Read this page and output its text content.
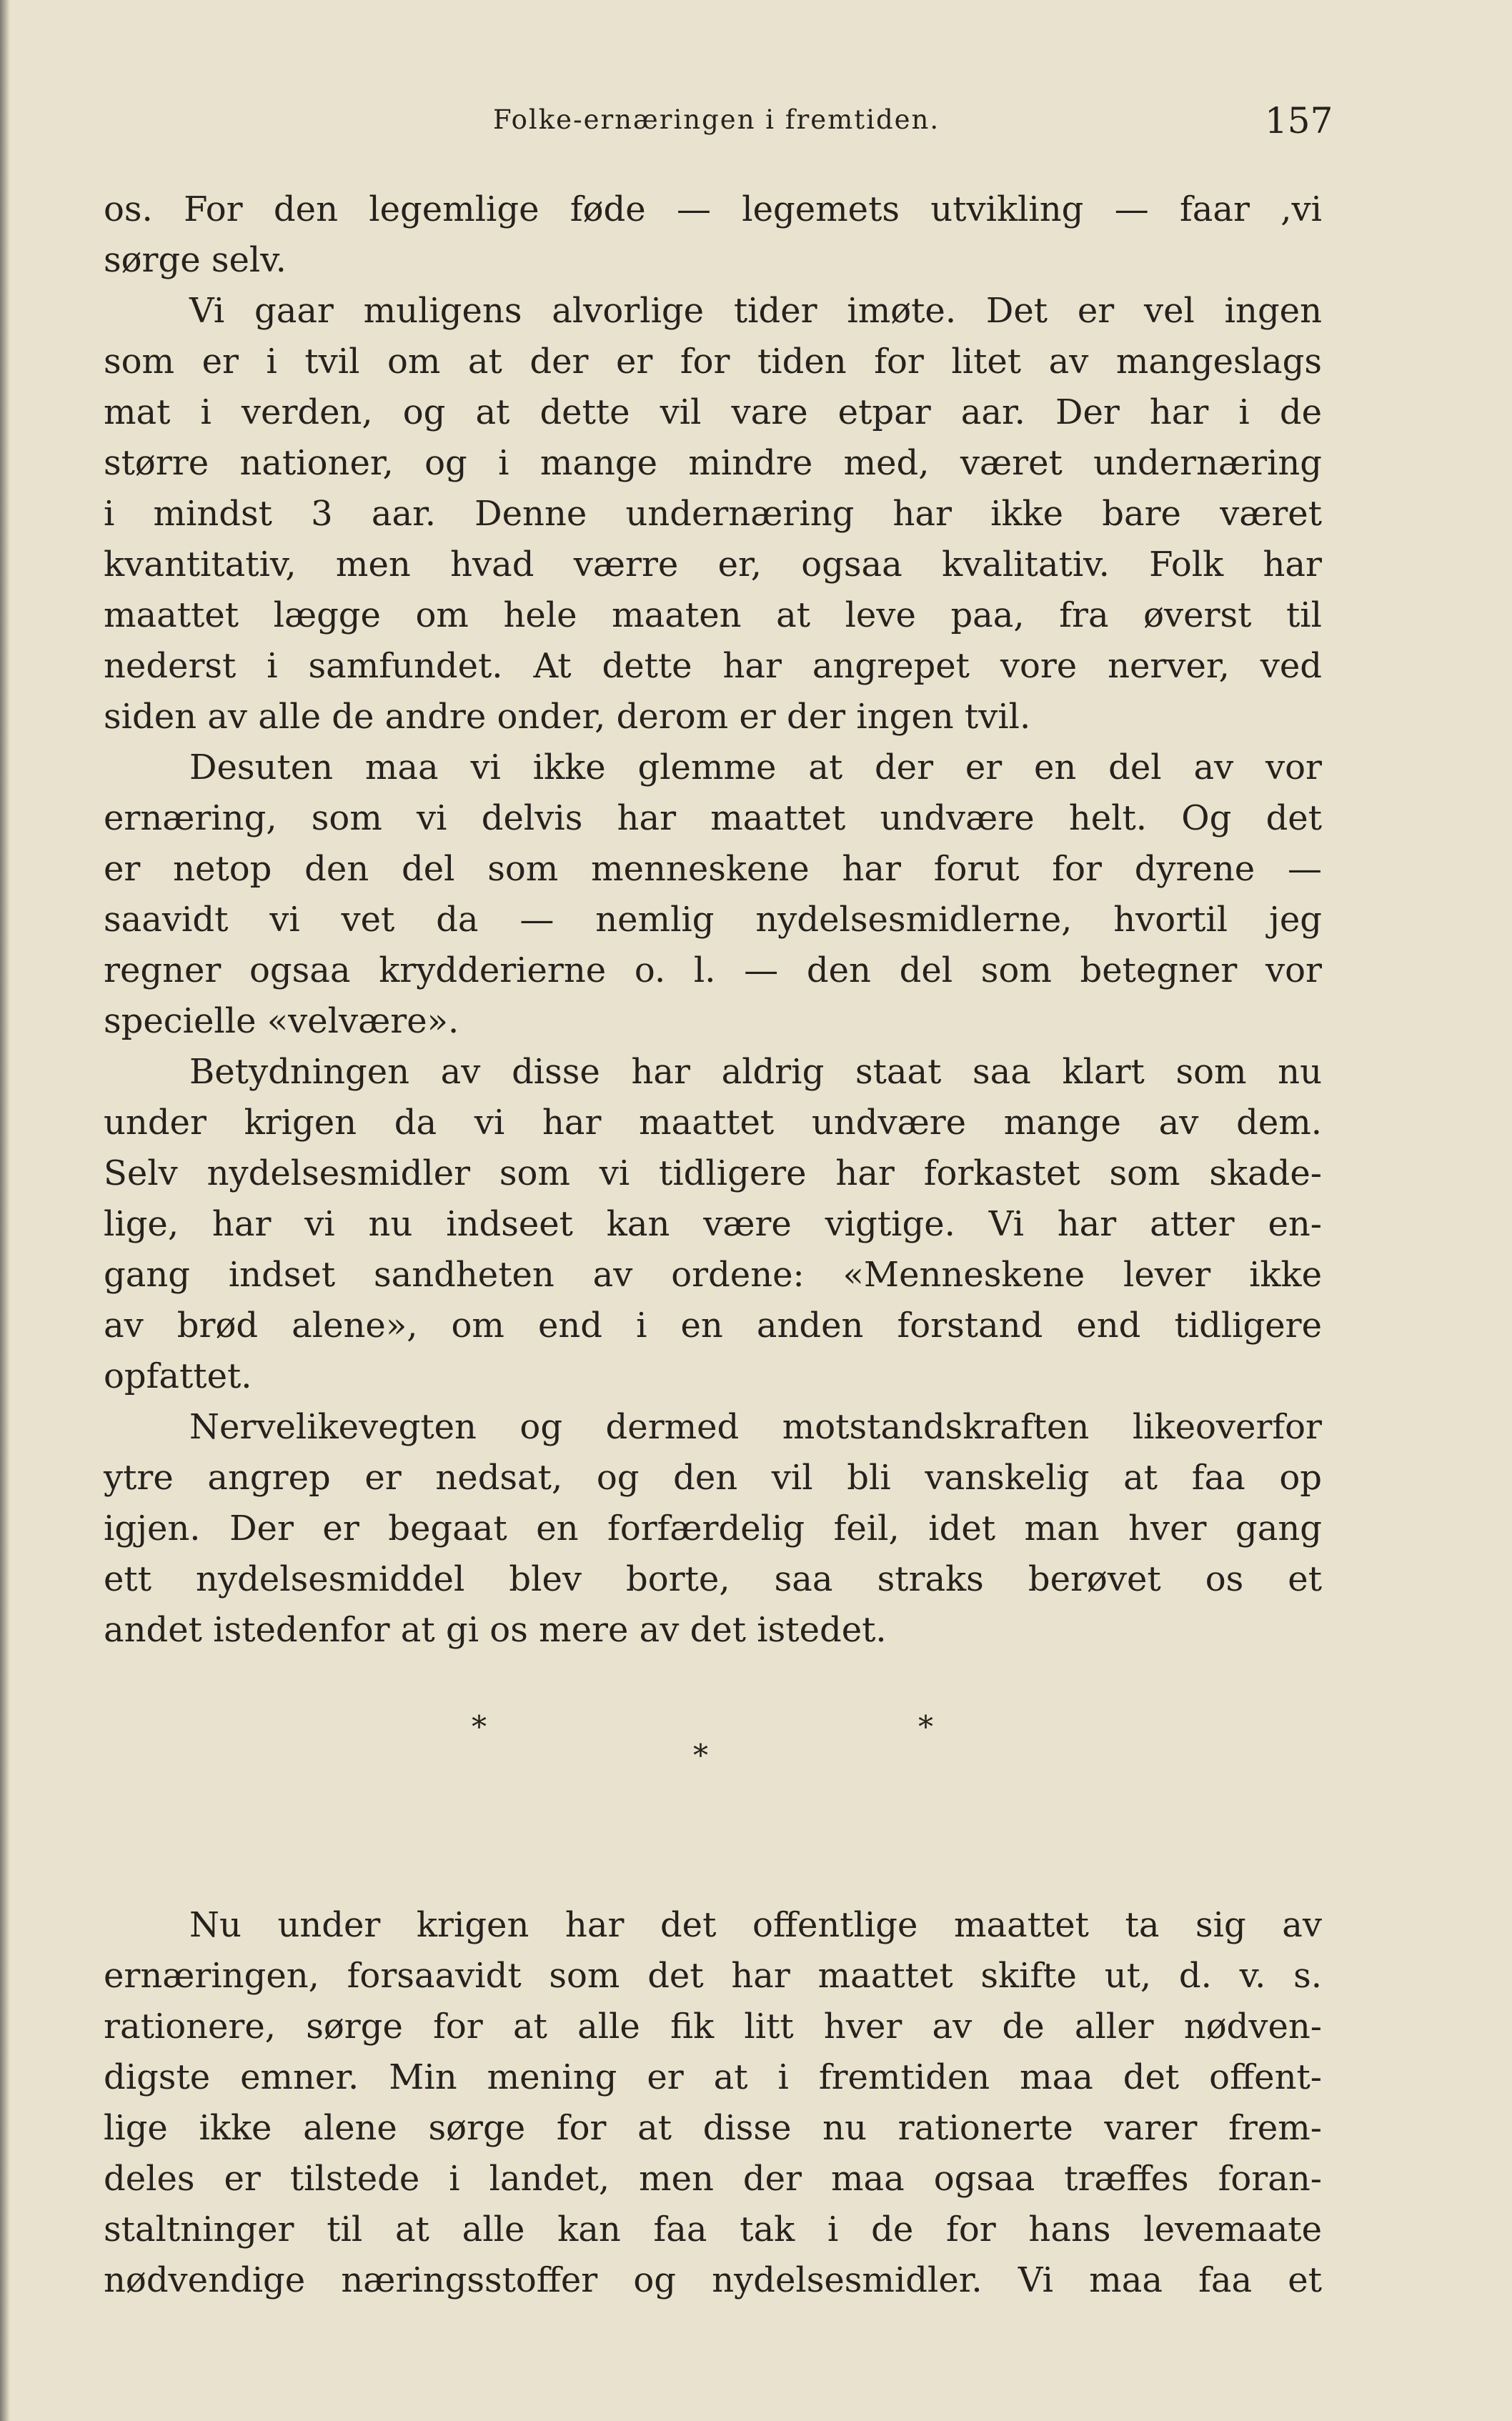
Folke-ernæringen i fremtiden.	157
os. For den legemlige føde — legemets utvikling — faar ,vi
sørge selv.
Vi gaar muligens alvorlige tider imøte. Det er vel ingen
som er i tvil om at der er for tiden for litet av mangeslags
mat i verden, og at dette vil vare etpar aar. Der har i de
større nationer, og i mange mindre med, været undernæring
i mindst 3 aar. Denne undernæring har ikke bare været
kvantitativ, men hvad værre er, ogsaa kvalitativ. Folk har
maattet lægge om hele maaten at leve paa, fra øverst til
nederst i samfundet. At dette har angrepet vore nerver, ved
siden av alle de andre onder, derom er der ingen tvil.
Desuten maa vi ikke glemme at der er en del av vor
ernæring, som vi delvis har maattet undvære helt. Og det
er netop den del som menneskene har forut for dyrene —
saavidt vi vet da — nemlig nydelsesmidlerne, hvortil jeg
regner ogsaa krydderierne o. l. — den del som betegner vor
specielle «velvære».
Betydningen av disse har aldrig staat saa klart som nu
under krigen da vi har maattet undvære mange av dem.
Selv nydelsesmidler som vi tidligere har forkastet som skade-
lige, har vi nu indseet kan være vigtige. Vi har atter en-
gang indset sandheten av ordene: «Menneskene lever ikke
av brød alene», om end i en anden forstand end tidligere
opfattet.
Nervelikevegten og dermed motstandskraften likeoverfor
ytre angrep er nedsat, og den vil bli vanskelig at faa op
igjen. Der er begaat en forfærdelig feil, idet man hver gang
ett nydelsesmiddel blev borte, saa straks berøvet os et
andet istedenfor at gi os mere av det istedet.
Nu under krigen har det offentlige maattet ta sig av
ernæringen, forsaavidt som det har maattet skifte ut, d. v. s.
rationere, sørge for at alle fik litt hver av de aller nødven-
digste emner. Min mening er at i fremtiden maa det offent-
lige ikke alene sørge for at disse nu rationerte varer frem-
deles er tilstede i landet, men der maa ogsaa træffes foran-
staltninger til at alle kan faa tak i de for hans levemaate
nødvendige næringsstoffer og nydelsesmidler. Vi maa faa et
*	*
*
